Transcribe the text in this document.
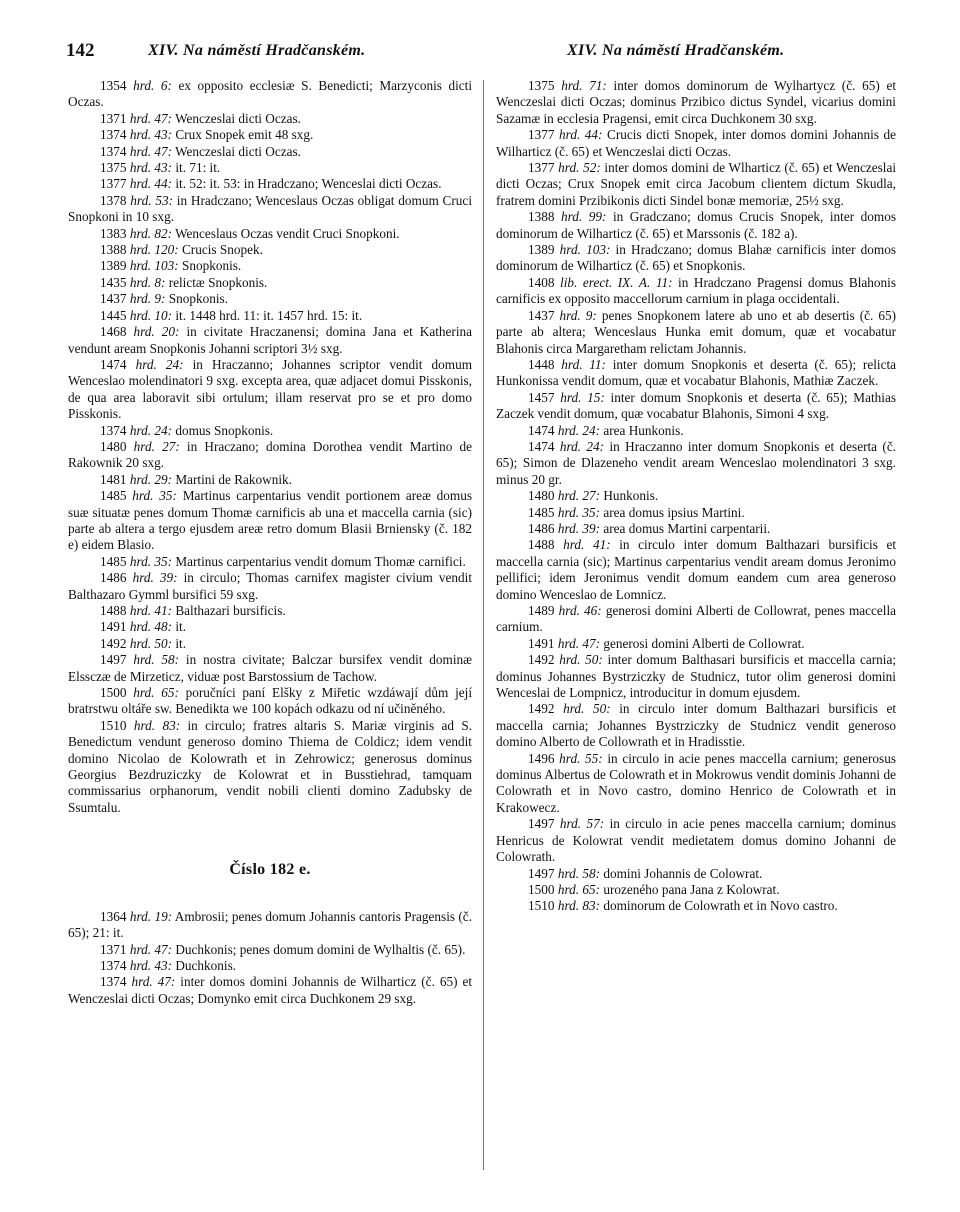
142	XIV. Na náměstí Hradčanském.	XIV. Na náměstí Hradčanském.

1354 hrd. 6: ex opposito ecclesiæ S. Benedicti; Marzyconis dicti Oczas.

1371 hrd. 47: Wenczeslai dicti Oczas.

1374 hrd. 43: Crux Snopek emit 48 sxg.

1374 hrd. 47: Wenczeslai dicti Oczas.

1375 hrd. 43: it. 71: it.

1377 hrd. 44: it. 52: it. 53: in Hradczano; Wenceslai dicti Oczas.

1378 hrd. 53: in Hradczano; Wenceslaus Oczas obligat domum Cruci Snopkoni in 10 sxg.

1383 hrd. 82: Wenceslaus Oczas vendit Cruci Snopkoni.

1388 hrd. 120: Crucis Snopek.

1389 hrd. 103: Snopkonis.

1435 hrd. 8: relictæ Snopkonis.

1437 hrd. 9: Snopkonis.

1445 hrd. 10: it. 1448 hrd. 11: it. 1457 hrd. 15: it.

1468 hrd. 20: in civitate Hraczanensi; domina Jana et Katherina vendunt aream Snopkonis Johanni scriptori 3½ sxg.

1474 hrd. 24: in Hraczanno; Johannes scriptor vendit domum Wenceslao molendinatori 9 sxg. excepta area, quæ adjacet domui Pisskonis, de qua area laboravit sibi ortulum; illam reservat pro se et pro domo Pisskonis.

1374 hrd. 24: domus Snopkonis.

1480 hrd. 27: in Hraczano; domina Dorothea vendit Martino de Rakownik 20 sxg.

1481 hrd. 29: Martini de Rakownik.

1485 hrd. 35: Martinus carpentarius vendit portionem areæ domus suæ situatæ penes domum Thomæ carnificis ab una et maccella carnia (sic) parte ab altera a tergo ejusdem areæ retro domum Blasii Brniensky (č. 182 e) eidem Blasio.

1485 hrd. 35: Martinus carpentarius vendit domum Thomæ carnifici.

1486 hrd. 39: in circulo; Thomas carnifex magister civium vendit Balthazaro Gymml bursifici 59 sxg.

1488 hrd. 41: Balthazari bursificis.

1491 hrd. 48: it.

1492 hrd. 50: it.

1497 hrd. 58: in nostra civitate; Balczar bursifex vendit dominæ Elssczæ de Mirzeticz, viduæ post Barstossium de Tachow.

1500 hrd. 65: poručníci paní Elšky z Miřetic wzdáwají dům její bratrstwu oltáře sw. Benedikta we 100 kopách odkazu od ní učiněného.

1510 hrd. 83: in circulo; fratres altaris S. Mariæ virginis ad S. Benedictum vendunt generoso domino Thiema de Coldicz; idem vendit domino Nicolao de Kolowrath et in Zehrowicz; generosus dominus Georgius Bezdruziczky de Kolowrat et in Busstiehrad, tamquam commissarius orphanorum, vendit nobili clienti domino Zadubsky de Ssumtalu.

Číslo 182 e.

1364 hrd. 19: Ambrosii; penes domum Johannis cantoris Pragensis (č. 65); 21: it.

1371 hrd. 47: Duchkonis; penes domum domini de Wylhaltis (č. 65).

1374 hrd. 43: Duchkonis.

1374 hrd. 47: inter domos domini Johannis de Wilharticz (č. 65) et Wenczeslai dicti Oczas; Domynko emit circa Duchkonem 29 sxg.

1375 hrd. 71: inter domos dominorum de Wylhartycz (č. 65) et Wenczeslai dicti Oczas; dominus Przibico dictus Syndel, vicarius domini Sazamæ in ecclesia Pragensi, emit circa Duchkonem 30 sxg.

1377 hrd. 44: Crucis dicti Snopek, inter domos domini Johannis de Wilharticz (č. 65) et Wenczeslai dicti Oczas.

1377 hrd. 52: inter domos domini de Wlharticz (č. 65) et Wenczeslai dicti Oczas; Crux Snopek emit circa Jacobum clientem dictum Skudla, fratrem domini Przibikonis dicti Sindel bonæ memoriæ, 25½ sxg.

1388 hrd. 99: in Gradczano; domus Crucis Snopek, inter domos dominorum de Wilharticz (č. 65) et Marssonis (č. 182 a).

1389 hrd. 103: in Hradczano; domus Blahæ carnificis inter domos dominorum de Wilharticz (č. 65) et Snopkonis.

1408 lib. erect. IX. A. 11: in Hradczano Pragensi domus Blahonis carnificis ex opposito maccellorum carnium in plaga occidentali.

1437 hrd. 9: penes Snopkonem latere ab uno et ab desertis (č. 65) parte ab altera; Wenceslaus Hunka emit domum, quæ et vocabatur Blahonis circa Margaretham relictam Johannis.

1448 hrd. 11: inter domum Snopkonis et deserta (č. 65); relicta Hunkonissa vendit domum, quæ et vocabatur Blahonis, Mathiæ Zaczek.

1457 hrd. 15: inter domum Snopkonis et deserta (č. 65); Mathias Zaczek vendit domum, quæ vocabatur Blahonis, Simoni 4 sxg.

1474 hrd. 24: area Hunkonis.

1474 hrd. 24: in Hraczanno inter domum Snopkonis et deserta (č. 65); Simon de Dlazeneho vendit aream Wenceslao molendinatori 3 sxg. minus 20 gr.

1480 hrd. 27: Hunkonis.

1485 hrd. 35: area domus ipsius Martini.

1486 hrd. 39: area domus Martini carpentarii.

1488 hrd. 41: in circulo inter domum Balthazari bursificis et maccella carnia (sic); Martinus carpentarius vendit aream domus Jeronimo pellifici; idem Jeronimus vendit domum eandem cum area generoso domino Wenceslao de Lomnicz.

1489 hrd. 46: generosi domini Alberti de Collowrat, penes maccella carnium.

1491 hrd. 47: generosi domini Alberti de Collowrat.

1492 hrd. 50: inter domum Balthasari bursificis et maccella carnia; dominus Johannes Bystrziczky de Studnicz, tutor olim generosi domini Wenceslai de Lompnicz, introducitur in domum ejusdem.

1492 hrd. 50: in circulo inter domum Balthazari bursificis et maccella carnia; Johannes Bystrziczky de Studnicz vendit generoso domino Alberto de Collowrath et in Hradisstie.

1496 hrd. 55: in circulo in acie penes maccella carnium; generosus dominus Albertus de Colowrath et in Mokrowus vendit dominis Johanni de Colowrath et in Novo castro, domino Henrico de Colowrath et in Krakowecz.

1497 hrd. 57: in circulo in acie penes maccella carnium; dominus Henricus de Kolowrat vendit medietatem domus domino Johanni de Colowrath.

1497 hrd. 58: domini Johannis de Colowrat.

1500 hrd. 65: urozeného pana Jana z Kolowrat.

1510 hrd. 83: dominorum de Colowrath et in Novo castro.
